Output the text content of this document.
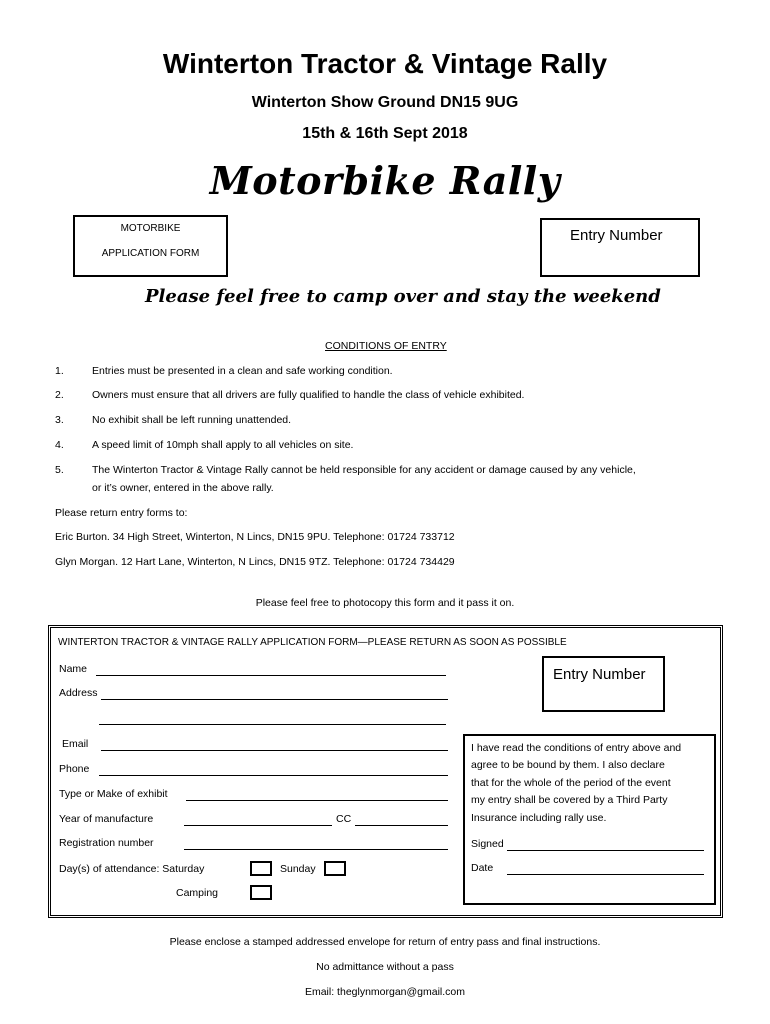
Winterton Tractor & Vintage Rally
Winterton Show Ground DN15 9UG
15th & 16th Sept 2018
Motorbike Rally
MOTORBIKE
APPLICATION FORM
Entry Number
Please feel free to camp over and stay the weekend
CONDITIONS OF ENTRY
1.	Entries must be presented in a clean and safe working condition.
2.	Owners must ensure that all drivers are fully qualified to handle the class of vehicle exhibited.
3.	No exhibit shall be left running unattended.
4.	A speed limit of 10mph shall apply to all vehicles on site.
5.	The Winterton Tractor & Vintage Rally cannot be held responsible for any accident or damage caused by any vehicle,
or it’s owner, entered in the above rally.
Please return entry forms to:
Eric Burton. 34 High Street, Winterton, N Lincs, DN15 9PU. Telephone: 01724 733712
Glyn Morgan. 12 Hart Lane, Winterton, N Lincs, DN15 9TZ. Telephone: 01724 734429
Please feel free to photocopy this form and it pass it on.
WINTERTON TRACTOR & VINTAGE RALLY APPLICATION FORM—PLEASE RETURN AS SOON AS POSSIBLE
Name
Address
Email
Phone
Type or Make of exhibit
Year of manufacture	CC
Registration number
Day(s) of attendance: Saturday	Sunday
Camping
Entry Number
I have read the conditions of entry above and
agree to be bound by them. I also declare
that for the whole of the period of the event
my entry shall be covered by a Third Party
Insurance including rally use.
Signed
Date
Please enclose a stamped addressed envelope for return of entry pass and final instructions.
No admittance without a pass
Email: theglynmorgan@gmail.com
